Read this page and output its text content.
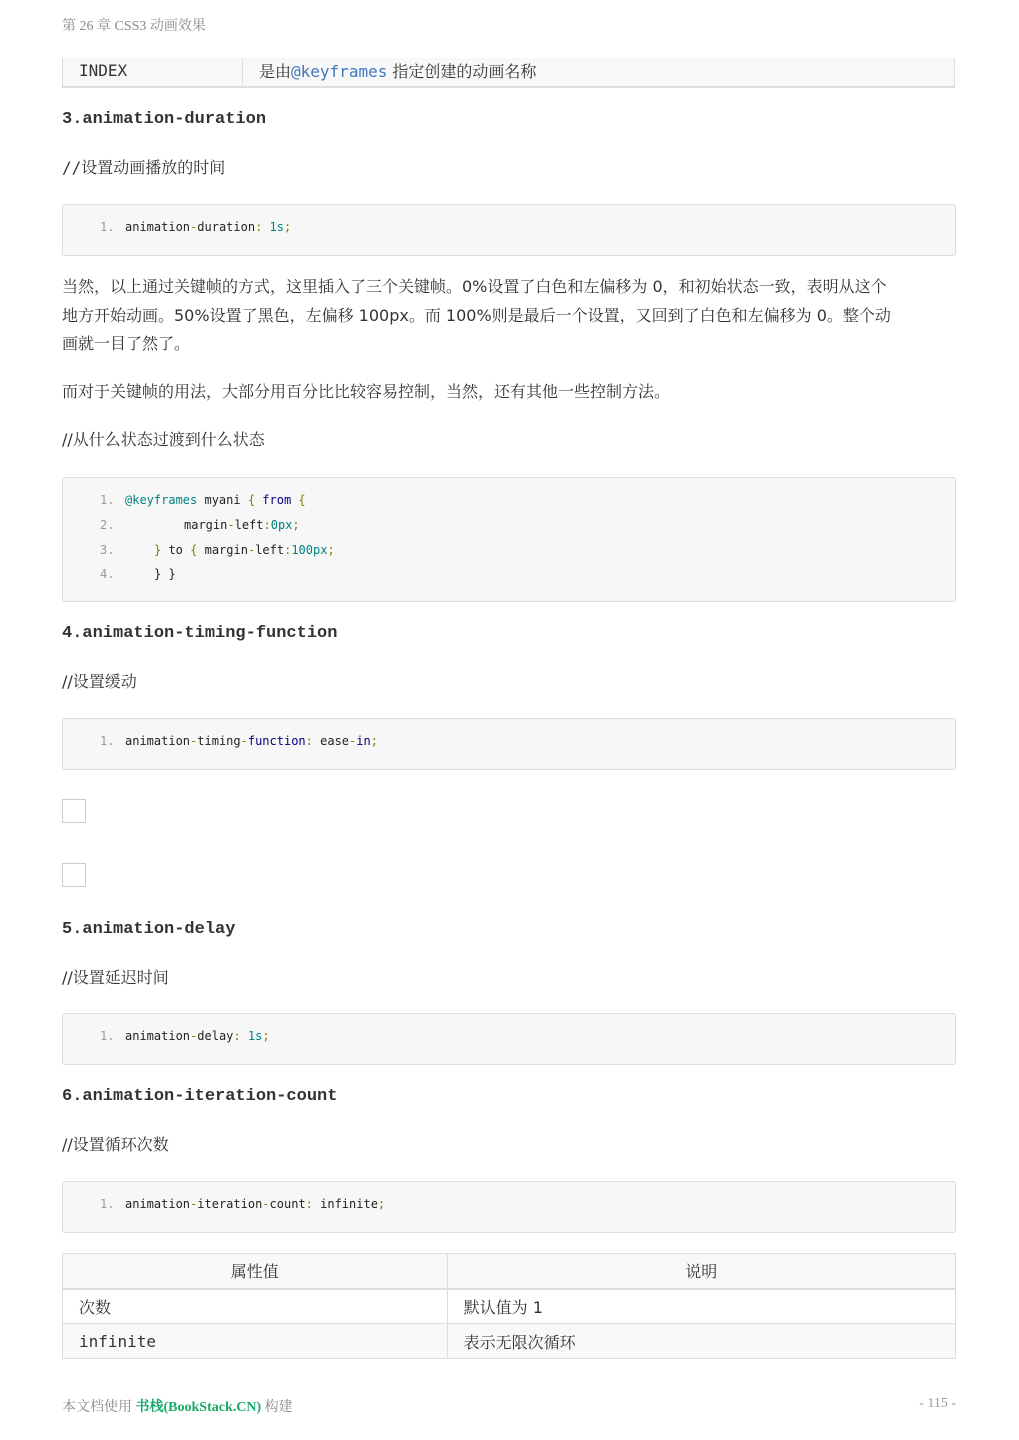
第 26 章 CSS3 动画效果
INDEX	是由@keyframes 指定创建的动画名称
3.animation-duration
//设置动画播放的时间
1. animation-duration: 1s;
当然，以上通过关键帧的方式，这里插入了三个关键帧。0%设置了白色和左偏移为 0，和初始状态一致，表明从这个
地方开始动画。50%设置了黑色，左偏移 100px。而 100%则是最后一个设置，又回到了白色和左偏移为 0。整个动
画就一目了然了。
而对于关键帧的用法，大部分用百分比比较容易控制，当然，还有其他一些控制方法。
//从什么状态过渡到什么状态
1. @keyframes myani { from {
2.	margin-left:0px;
3.	} to { margin-left:100px;
4.	} }
4.animation-timing-function
//设置缓动
1. animation-timing-function: ease-in;
5.animation-delay
//设置延迟时间
1. animation-delay: 1s;
6.animation-iteration-count
//设置循环次数
1. animation-iteration-count: infinite;
属性值	说明
次数	默认值为 1
infinite	表示无限次循环
本文档使用 书栈(BookStack.CN) 构建	- 115 -
